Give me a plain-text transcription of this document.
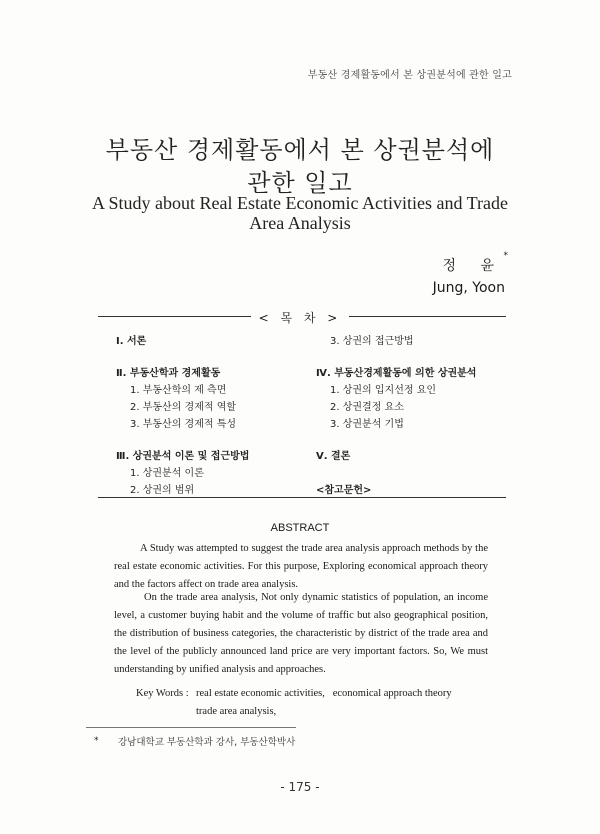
부동산 경제활동에서 본 상권분석에 관한 일고
부동산 경제활동에서 본 상권분석에
관한 일고
A Study about Real Estate Economic Activities and Trade
Area Analysis
정 윤
*
Jung, Yoon
< 목 차 >
Ⅰ. 서론
Ⅱ. 부동산학과 경제활동
1. 부동산학의 제 측면
2. 부동산의 경제적 역할
3. 부동산의 경제적 특성
Ⅲ. 상권분석 이론 및 접근방법
1. 상권분석 이론
2. 상권의 범위
3. 상권의 접근방법
Ⅳ. 부동산경제활동에 의한 상권분석
1. 상권의 입지선정 요인
2. 상권결정 요소
3. 상권분석 기법
Ⅴ. 결론
<참고문헌>
ABSTRACT
A Study was attempted to suggest the trade area analysis approach methods by the real estate economic activities. For this purpose, Exploring economical approach theory and the factors affect on trade area analysis.
On the trade area analysis, Not only dynamic statistics of population, an income level, a customer buying habit and the volume of traffic but also geographical position, the distribution of business categories, the characteristic by district of the trade area and the level of the publicly announced land price are very important factors. So, We must understanding by unified analysis and approaches.
Key Words : real estate economic activities,   economical approach theory
trade area analysis,
* 강남대학교 부동산학과 강사, 부동산학박사
- 175 -
